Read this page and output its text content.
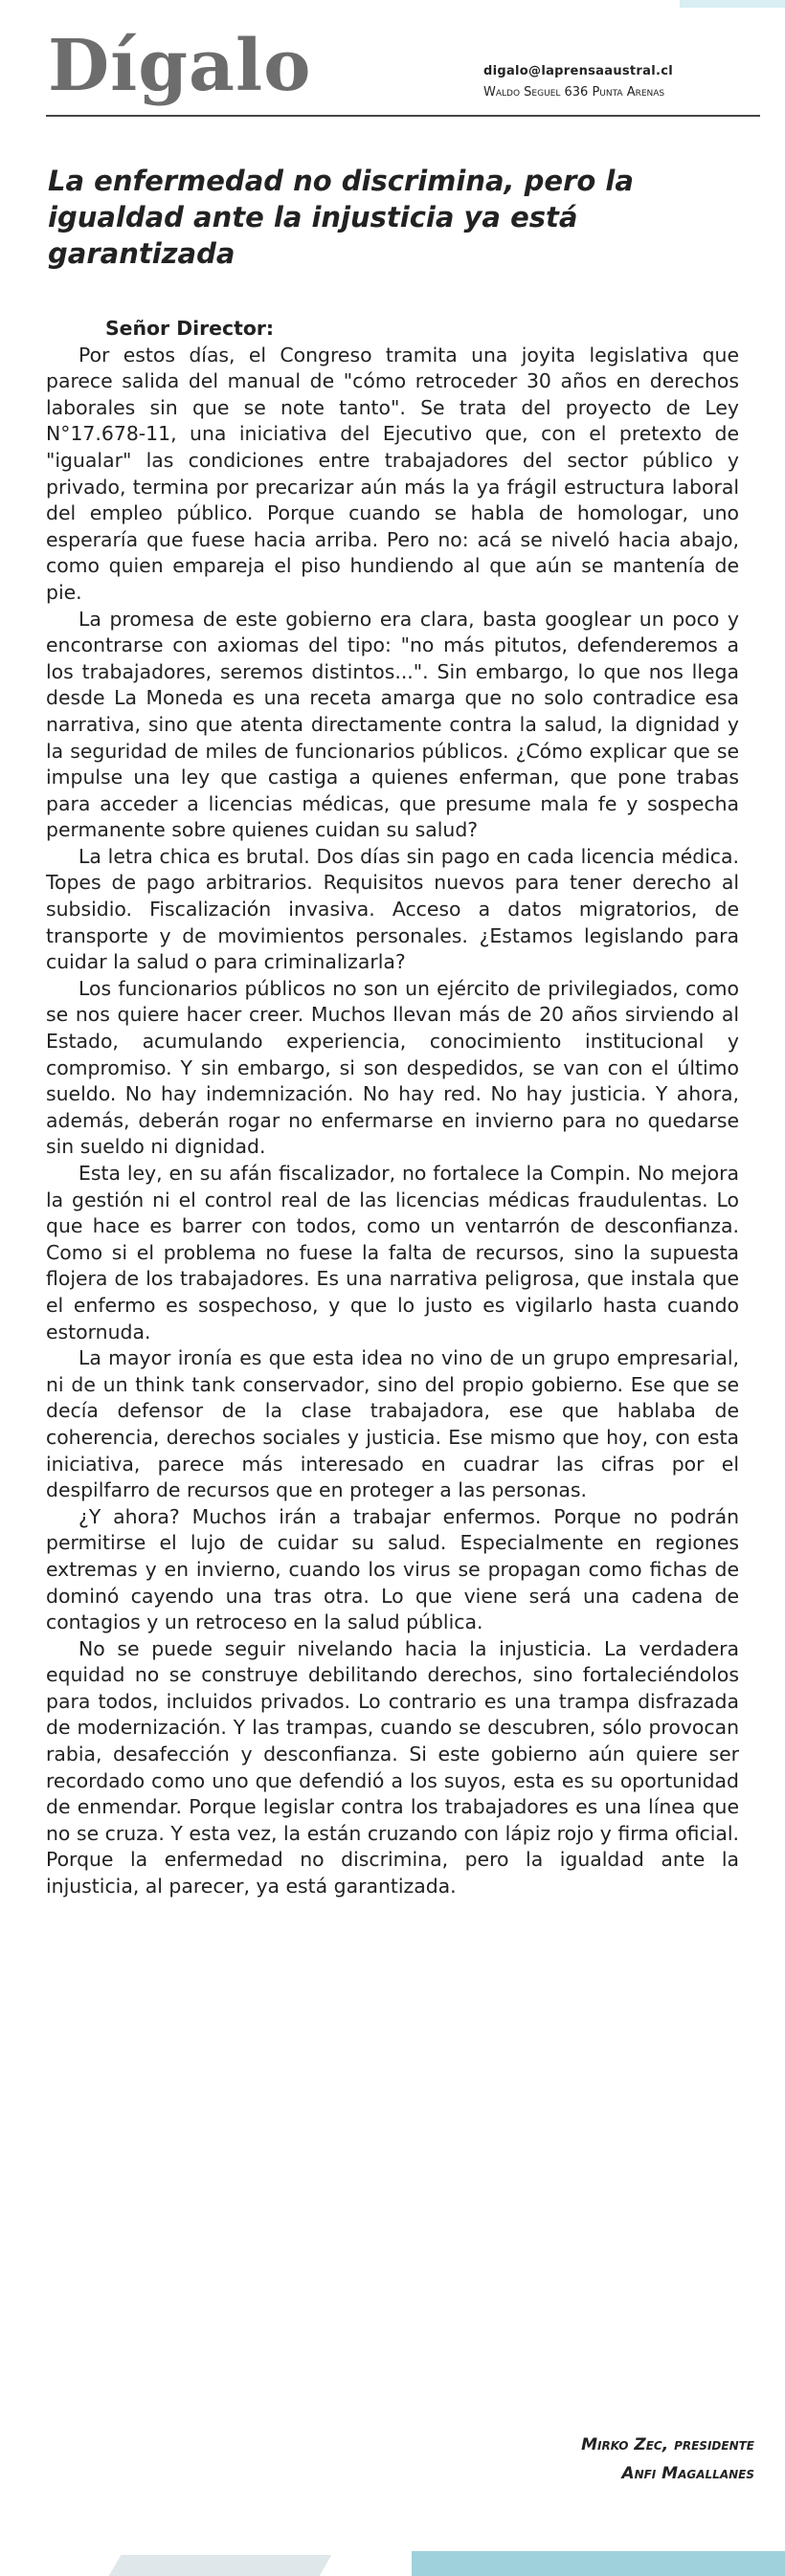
Dígalo	digalo@laprensaaustral.cl
Waldo Seguel 636 Punta Arenas
La enfermedad no discrimina, pero la igualdad ante la injusticia ya está garantizada

Señor Director:

Por estos días, el Congreso tramita una joyita legislativa que parece salida del manual de "cómo retroceder 30 años en derechos laborales sin que se note tanto". Se trata del proyecto de Ley N°17.678-11, una iniciativa del Ejecutivo que, con el pretexto de "igualar" las condiciones entre trabajadores del sector público y privado, termina por precarizar aún más la ya frágil estructura laboral del empleo público. Porque cuando se habla de homologar, uno esperaría que fuese hacia arriba. Pero no: acá se niveló hacia abajo, como quien empareja el piso hundiendo al que aún se mantenía de pie.

La promesa de este gobierno era clara, basta googlear un poco y encontrarse con axiomas del tipo: "no más pitutos, defenderemos a los trabajadores, seremos distintos...". Sin embargo, lo que nos llega desde La Moneda es una receta amarga que no solo contradice esa narrativa, sino que atenta directamente contra la salud, la dignidad y la seguridad de miles de funcionarios públicos. ¿Cómo explicar que se impulse una ley que castiga a quienes enferman, que pone trabas para acceder a licencias médicas, que presume mala fe y sospecha permanente sobre quienes cuidan su salud?

La letra chica es brutal. Dos días sin pago en cada licencia médica. Topes de pago arbitrarios. Requisitos nuevos para tener derecho al subsidio. Fiscalización invasiva. Acceso a datos migratorios, de transporte y de movimientos personales. ¿Estamos legislando para cuidar la salud o para criminalizarla?

Los funcionarios públicos no son un ejército de privilegiados, como se nos quiere hacer creer. Muchos llevan más de 20 años sirviendo al Estado, acumulando experiencia, conocimiento institucional y compromiso. Y sin embargo, si son despedidos, se van con el último sueldo. No hay indemnización. No hay red. No hay justicia. Y ahora, además, deberán rogar no enfermarse en invierno para no quedarse sin sueldo ni dignidad.

Esta ley, en su afán fiscalizador, no fortalece la Compin. No mejora la gestión ni el control real de las licencias médicas fraudulentas. Lo que hace es barrer con todos, como un ventarrón de desconfianza. Como si el problema no fuese la falta de recursos, sino la supuesta flojera de los trabajadores. Es una narrativa peligrosa, que instala que el enfermo es sospechoso, y que lo justo es vigilarlo hasta cuando estornuda.

La mayor ironía es que esta idea no vino de un grupo empresarial, ni de un think tank conservador, sino del propio gobierno. Ese que se decía defensor de la clase trabajadora, ese que hablaba de coherencia, derechos sociales y justicia. Ese mismo que hoy, con esta iniciativa, parece más interesado en cuadrar las cifras por el despilfarro de recursos que en proteger a las personas.

¿Y ahora? Muchos irán a trabajar enfermos. Porque no podrán permitirse el lujo de cuidar su salud. Especialmente en regiones extremas y en invierno, cuando los virus se propagan como fichas de dominó cayendo una tras otra. Lo que viene será una cadena de contagios y un retroceso en la salud pública.

No se puede seguir nivelando hacia la injusticia. La verdadera equidad no se construye debilitando derechos, sino fortaleciéndolos para todos, incluidos privados. Lo contrario es una trampa disfrazada de modernización. Y las trampas, cuando se descubren, sólo provocan rabia, desafección y desconfianza. Si este gobierno aún quiere ser recordado como uno que defendió a los suyos, esta es su oportunidad de enmendar. Porque legislar contra los trabajadores es una línea que no se cruza. Y esta vez, la están cruzando con lápiz rojo y firma oficial. Porque la enfermedad no discrimina, pero la igualdad ante la injusticia, al parecer, ya está garantizada.

Mirko Zec, presidente
Anfi Magallanes
